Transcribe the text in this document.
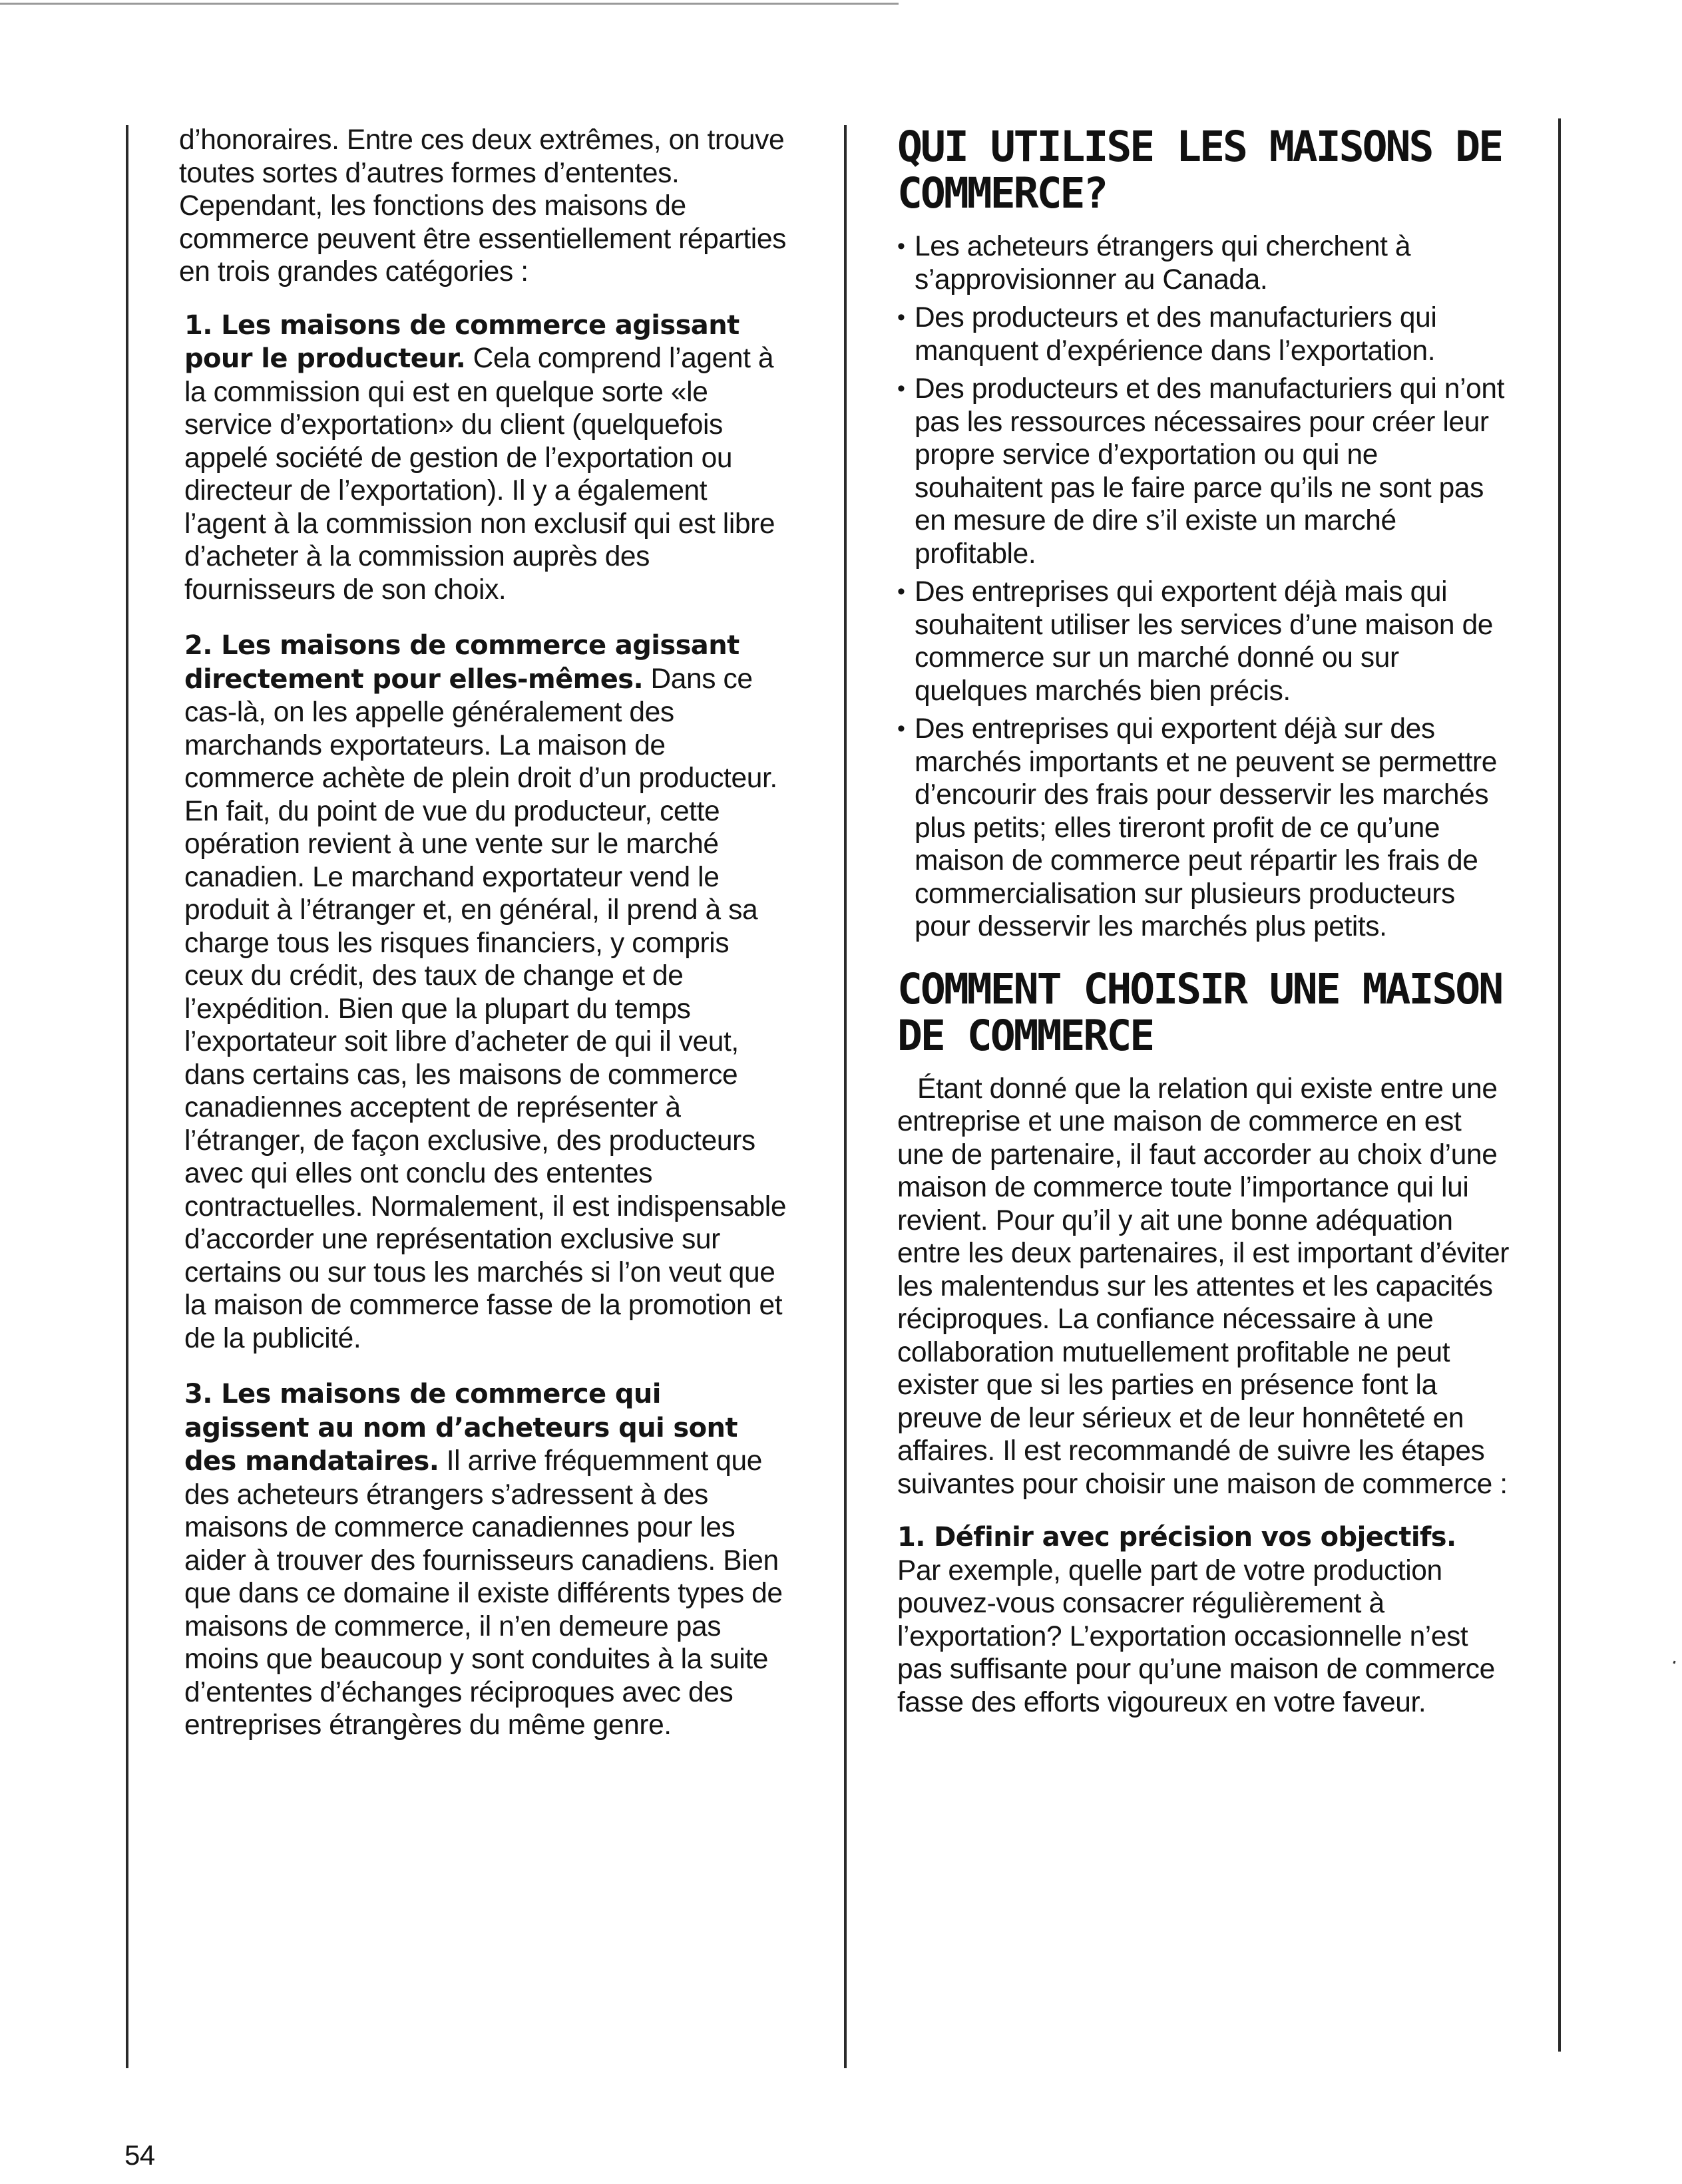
d’honoraires. Entre ces deux extrêmes, on trouve toutes sortes d’autres formes d’ententes. Cependant, les fonctions des maisons de commerce peuvent être essentiellement réparties en trois grandes catégories :

1. Les maisons de commerce agissant pour le producteur. Cela comprend l’agent à la commission qui est en quelque sorte «le service d’exportation» du client (quelquefois appelé société de gestion de l’exportation ou directeur de l’exportation). Il y a également l’agent à la commission non exclusif qui est libre d’acheter à la commission auprès des fournisseurs de son choix.

2. Les maisons de commerce agissant directement pour elles-mêmes. Dans ce cas-là, on les appelle généralement des marchands exportateurs. La maison de commerce achète de plein droit d’un producteur. En fait, du point de vue du producteur, cette opération revient à une vente sur le marché canadien. Le marchand exportateur vend le produit à l’étranger et, en général, il prend à sa charge tous les risques financiers, y compris ceux du crédit, des taux de change et de l’expédition. Bien que la plupart du temps l’exportateur soit libre d’acheter de qui il veut, dans certains cas, les maisons de commerce canadiennes acceptent de représenter à l’étranger, de façon exclusive, des producteurs avec qui elles ont conclu des ententes contractuelles. Normalement, il est indispensable d’accorder une représentation exclusive sur certains ou sur tous les marchés si l’on veut que la maison de commerce fasse de la promotion et de la publicité.

3. Les maisons de commerce qui agissent au nom d’acheteurs qui sont des mandataires. Il arrive fréquemment que des acheteurs étrangers s’adressent à des maisons de commerce canadiennes pour les aider à trouver des fournisseurs canadiens. Bien que dans ce domaine il existe différents types de maisons de commerce, il n’en demeure pas moins que beaucoup y sont conduites à la suite d’ententes d’échanges réciproques avec des entreprises étrangères du même genre.

QUI UTILISE LES MAISONS DE COMMERCE?
• Les acheteurs étrangers qui cherchent à s’approvisionner au Canada.
• Des producteurs et des manufacturiers qui manquent d’expérience dans l’exportation.
• Des producteurs et des manufacturiers qui n’ont pas les ressources nécessaires pour créer leur propre service d’exportation ou qui ne souhaitent pas le faire parce qu’ils ne sont pas en mesure de dire s’il existe un marché profitable.
• Des entreprises qui exportent déjà mais qui souhaitent utiliser les services d’une maison de commerce sur un marché donné ou sur quelques marchés bien précis.
• Des entreprises qui exportent déjà sur des marchés importants et ne peuvent se permettre d’encourir des frais pour desservir les marchés plus petits; elles tireront profit de ce qu’une maison de commerce peut répartir les frais de commercialisation sur plusieurs producteurs pour desservir les marchés plus petits.
COMMENT CHOISIR UNE MAISON DE COMMERCE

Étant donné que la relation qui existe entre une entreprise et une maison de commerce en est une de partenaire, il faut accorder au choix d’une maison de commerce toute l’importance qui lui revient. Pour qu’il y ait une bonne adéquation entre les deux partenaires, il est important d’éviter les malentendus sur les attentes et les capacités réciproques. La confiance nécessaire à une collaboration mutuellement profitable ne peut exister que si les parties en présence font la preuve de leur sérieux et de leur honnêteté en affaires. Il est recommandé de suivre les étapes suivantes pour choisir une maison de commerce :

1. Définir avec précision vos objectifs.
Par exemple, quelle part de votre production pouvez-vous consacrer régulièrement à l’exportation? L’exportation occasionnelle n’est pas suffisante pour qu’une maison de commerce fasse des efforts vigoureux en votre faveur.

54
